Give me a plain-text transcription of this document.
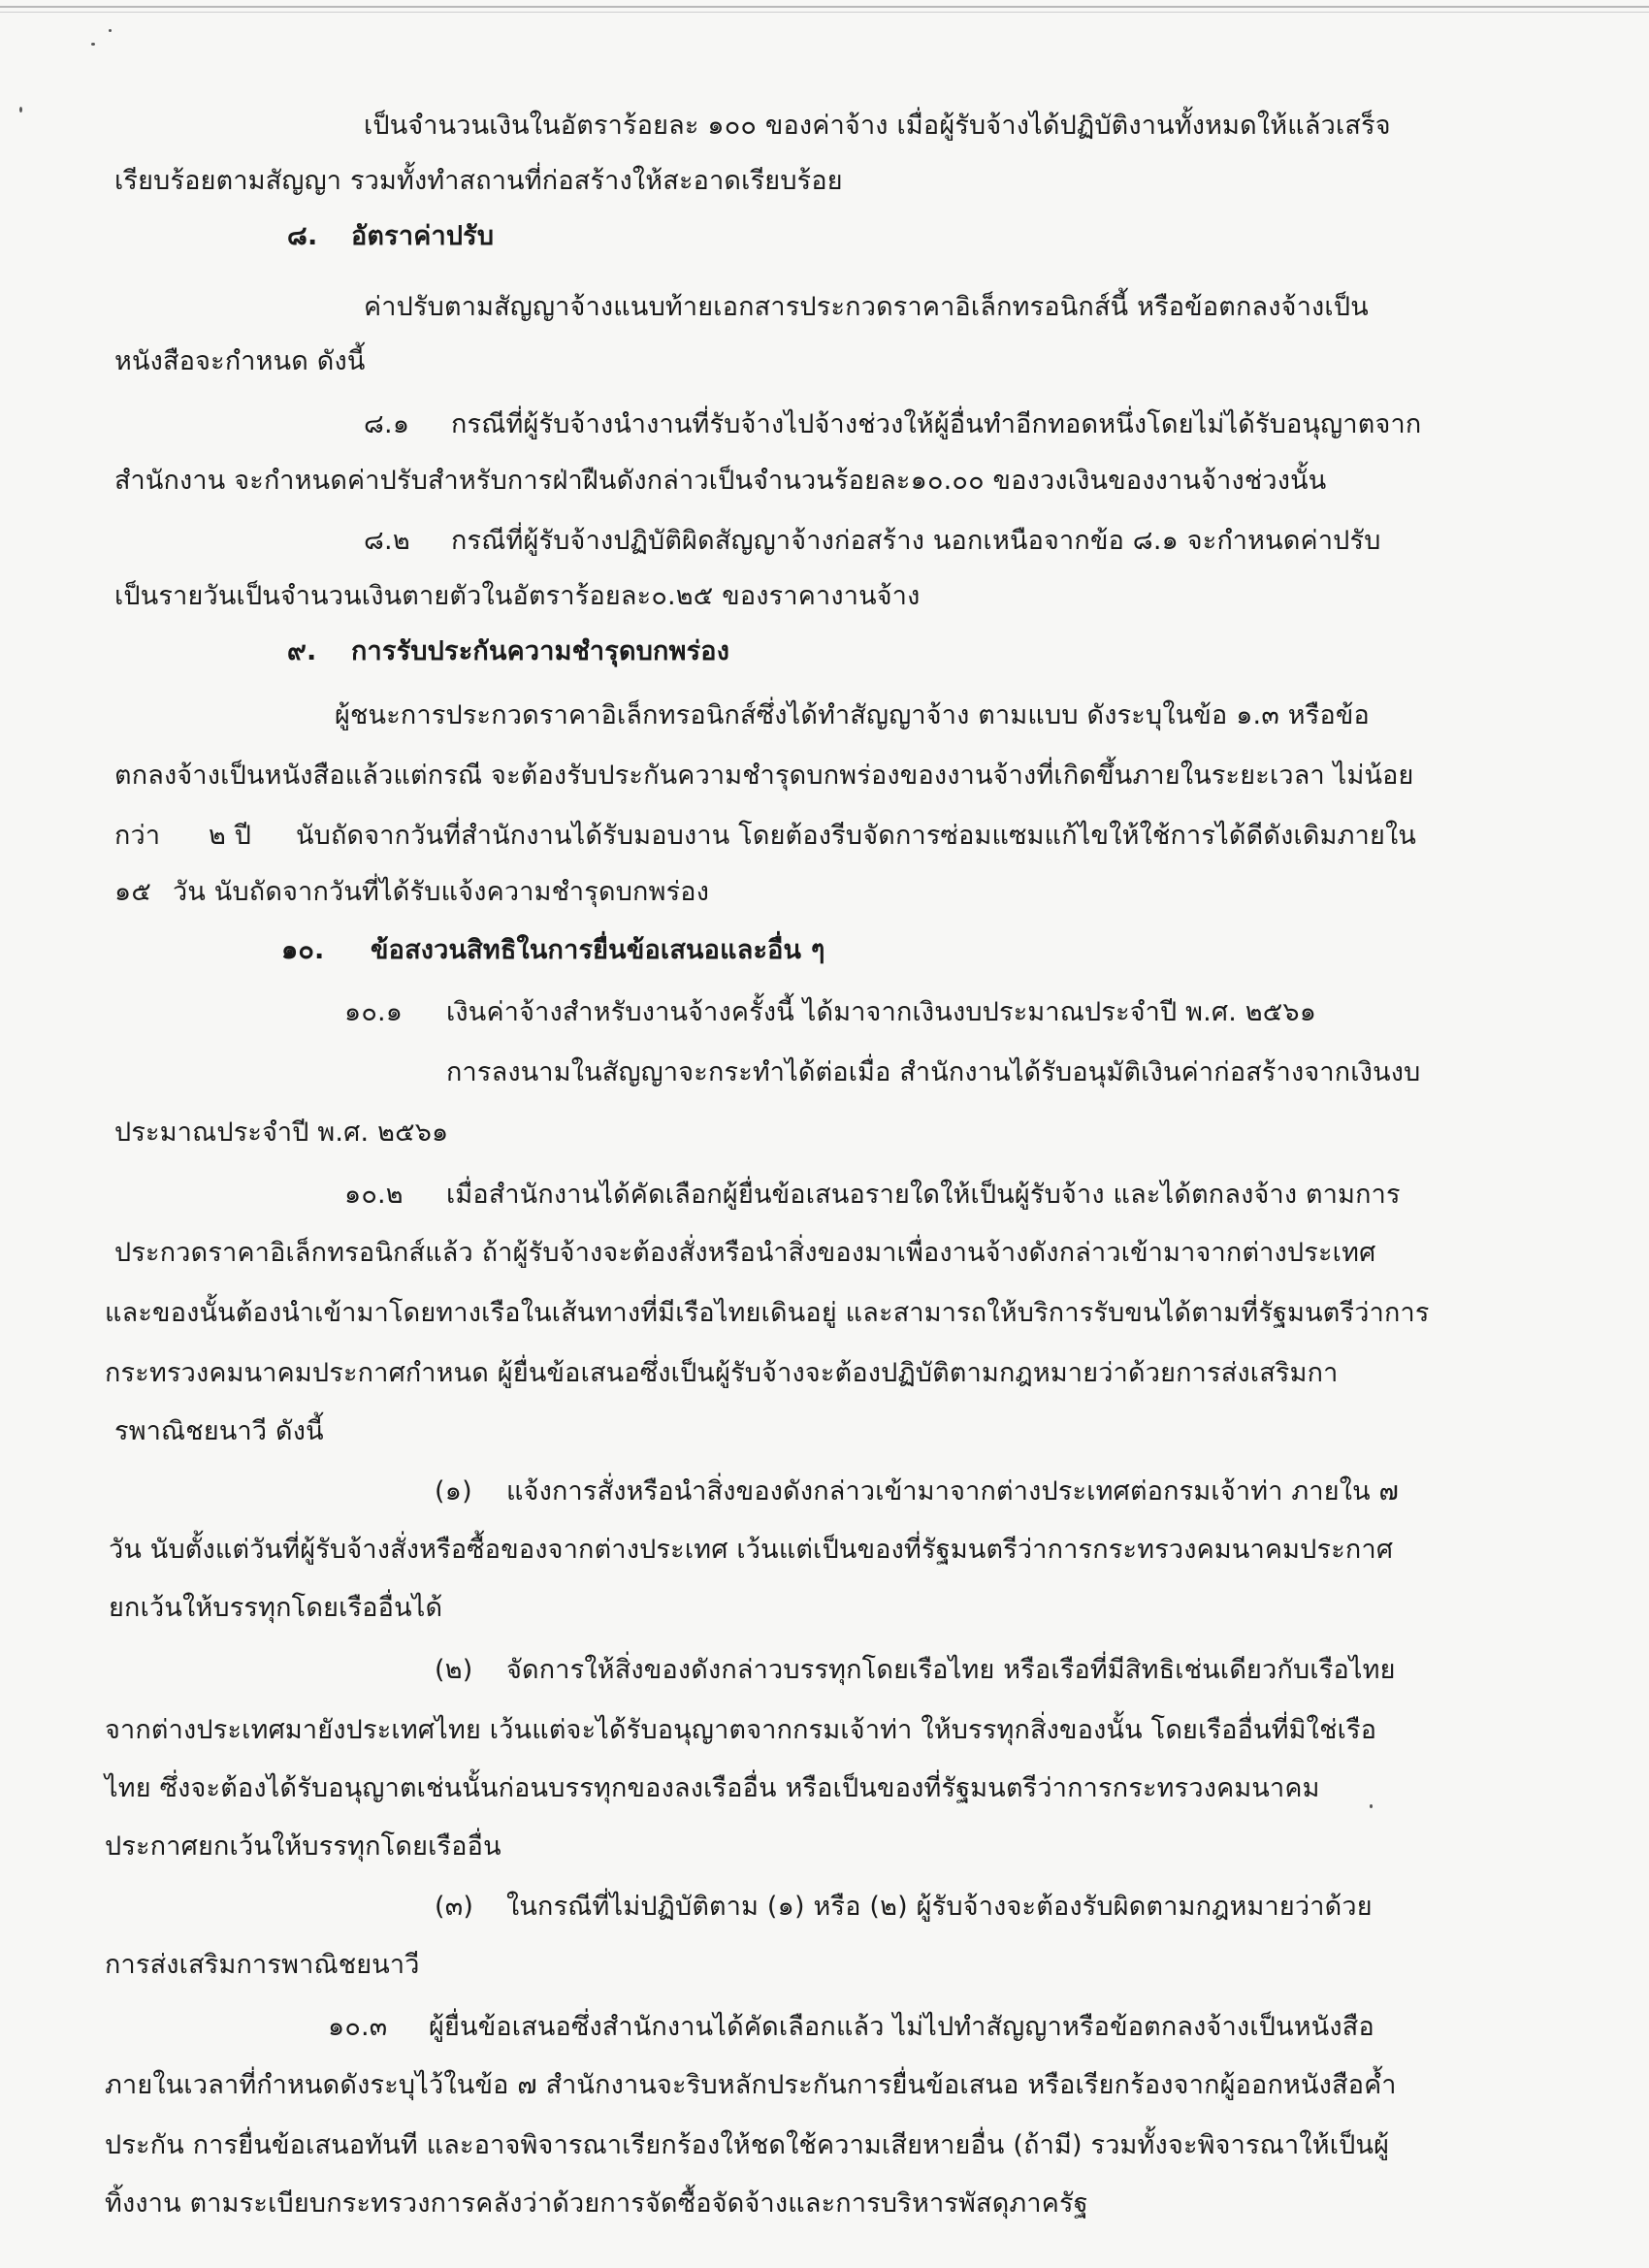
เป็นจำนวนเงินในอัตราร้อยละ ๑๐๐ ของค่าจ้าง เมื่อผู้รับจ้างได้ปฏิบัติงานทั้งหมดให้แล้วเสร็จ
เรียบร้อยตามสัญญา รวมทั้งทำสถานที่ก่อสร้างให้สะอาดเรียบร้อย
๘. อัตราค่าปรับ
ค่าปรับตามสัญญาจ้างแนบท้ายเอกสารประกวดราคาอิเล็กทรอนิกส์นี้ หรือข้อตกลงจ้างเป็น
หนังสือจะกำหนด ดังนี้
๘.๑ กรณีที่ผู้รับจ้างนำงานที่รับจ้างไปจ้างช่วงให้ผู้อื่นทำอีกทอดหนึ่งโดยไม่ได้รับอนุญาตจาก
สำนักงาน จะกำหนดค่าปรับสำหรับการฝ่าฝืนดังกล่าวเป็นจำนวนร้อยละ๑๐.๐๐ ของวงเงินของงานจ้างช่วงนั้น
๘.๒ กรณีที่ผู้รับจ้างปฏิบัติผิดสัญญาจ้างก่อสร้าง นอกเหนือจากข้อ ๘.๑ จะกำหนดค่าปรับ
เป็นรายวันเป็นจำนวนเงินตายตัวในอัตราร้อยละ๐.๒๕ ของราคางานจ้าง
๙. การรับประกันความชำรุดบกพร่อง
ผู้ชนะการประกวดราคาอิเล็กทรอนิกส์ซึ่งได้ทำสัญญาจ้าง ตามแบบ ดังระบุในข้อ ๑.๓ หรือข้อ
ตกลงจ้างเป็นหนังสือแล้วแต่กรณี จะต้องรับประกันความชำรุดบกพร่องของงานจ้างที่เกิดขึ้นภายในระยะเวลา ไม่น้อย
กว่า ๒ ปี นับถัดจากวันที่สำนักงานได้รับมอบงาน โดยต้องรีบจัดการซ่อมแซมแก้ไขให้ใช้การได้ดีดังเดิมภายใน
๑๕ วัน นับถัดจากวันที่ได้รับแจ้งความชำรุดบกพร่อง
๑๐. ข้อสงวนสิทธิในการยื่นข้อเสนอและอื่น ๆ
๑๐.๑ เงินค่าจ้างสำหรับงานจ้างครั้งนี้ ได้มาจากเงินงบประมาณประจำปี พ.ศ. ๒๕๖๑
การลงนามในสัญญาจะกระทำได้ต่อเมื่อ สำนักงานได้รับอนุมัติเงินค่าก่อสร้างจากเงินงบ
ประมาณประจำปี พ.ศ. ๒๕๖๑
๑๐.๒ เมื่อสำนักงานได้คัดเลือกผู้ยื่นข้อเสนอรายใดให้เป็นผู้รับจ้าง และได้ตกลงจ้าง ตามการ
ประกวดราคาอิเล็กทรอนิกส์แล้ว ถ้าผู้รับจ้างจะต้องสั่งหรือนำสิ่งของมาเพื่องานจ้างดังกล่าวเข้ามาจากต่างประเทศ
และของนั้นต้องนำเข้ามาโดยทางเรือในเส้นทางที่มีเรือไทยเดินอยู่ และสามารถให้บริการรับขนได้ตามที่รัฐมนตรีว่าการ
กระทรวงคมนาคมประกาศกำหนด ผู้ยื่นข้อเสนอซึ่งเป็นผู้รับจ้างจะต้องปฏิบัติตามกฎหมายว่าด้วยการส่งเสริมกา
รพาณิชยนาวี ดังนี้
(๑) แจ้งการสั่งหรือนำสิ่งของดังกล่าวเข้ามาจากต่างประเทศต่อกรมเจ้าท่า ภายใน ๗
วัน นับตั้งแต่วันที่ผู้รับจ้างสั่งหรือซื้อของจากต่างประเทศ เว้นแต่เป็นของที่รัฐมนตรีว่าการกระทรวงคมนาคมประกาศ
ยกเว้นให้บรรทุกโดยเรืออื่นได้
(๒) จัดการให้สิ่งของดังกล่าวบรรทุกโดยเรือไทย หรือเรือที่มีสิทธิเช่นเดียวกับเรือไทย
จากต่างประเทศมายังประเทศไทย เว้นแต่จะได้รับอนุญาตจากกรมเจ้าท่า ให้บรรทุกสิ่งของนั้น โดยเรืออื่นที่มิใช่เรือ
ไทย ซึ่งจะต้องได้รับอนุญาตเช่นนั้นก่อนบรรทุกของลงเรืออื่น หรือเป็นของที่รัฐมนตรีว่าการกระทรวงคมนาคม
ประกาศยกเว้นให้บรรทุกโดยเรืออื่น
(๓) ในกรณีที่ไม่ปฏิบัติตาม (๑) หรือ (๒) ผู้รับจ้างจะต้องรับผิดตามกฎหมายว่าด้วย
การส่งเสริมการพาณิชยนาวี
๑๐.๓ ผู้ยื่นข้อเสนอซึ่งสำนักงานได้คัดเลือกแล้ว ไม่ไปทำสัญญาหรือข้อตกลงจ้างเป็นหนังสือ
ภายในเวลาที่กำหนดดังระบุไว้ในข้อ ๗ สำนักงานจะริบหลักประกันการยื่นข้อเสนอ หรือเรียกร้องจากผู้ออกหนังสือค้ำ
ประกัน การยื่นข้อเสนอทันที และอาจพิจารณาเรียกร้องให้ชดใช้ความเสียหายอื่น (ถ้ามี) รวมทั้งจะพิจารณาให้เป็นผู้
ทิ้งงาน ตามระเบียบกระทรวงการคลังว่าด้วยการจัดซื้อจัดจ้างและการบริหารพัสดุภาครัฐ
